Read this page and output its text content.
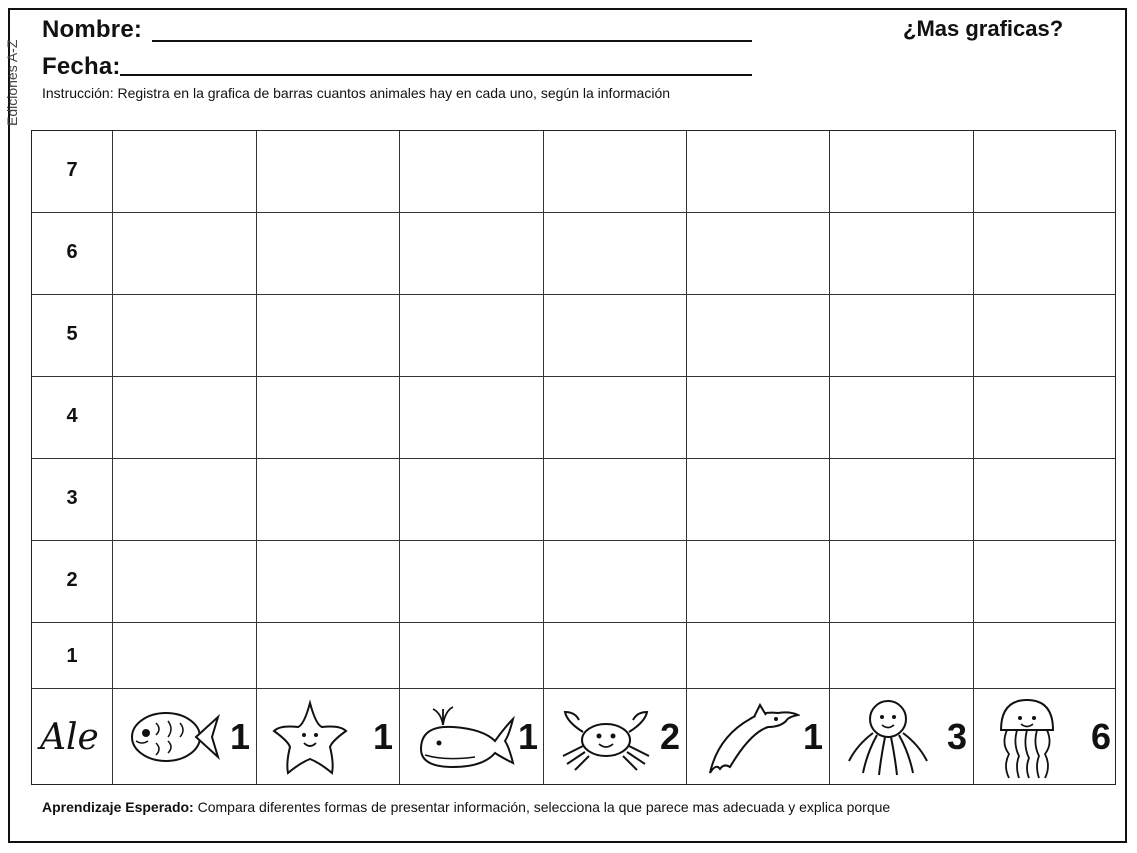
Ediciones A-Z
Nombre:
Fecha:
¿Mas graficas?
Instrucción: Registra en la grafica de barras cuantos animales hay en cada uno, según la información
7
6
5
4
3
2
1
Ale	1	1	1	2	1	3	6
Aprendizaje Esperado: Compara diferentes formas de presentar información, selecciona la que parece mas adecuada y explica porque
